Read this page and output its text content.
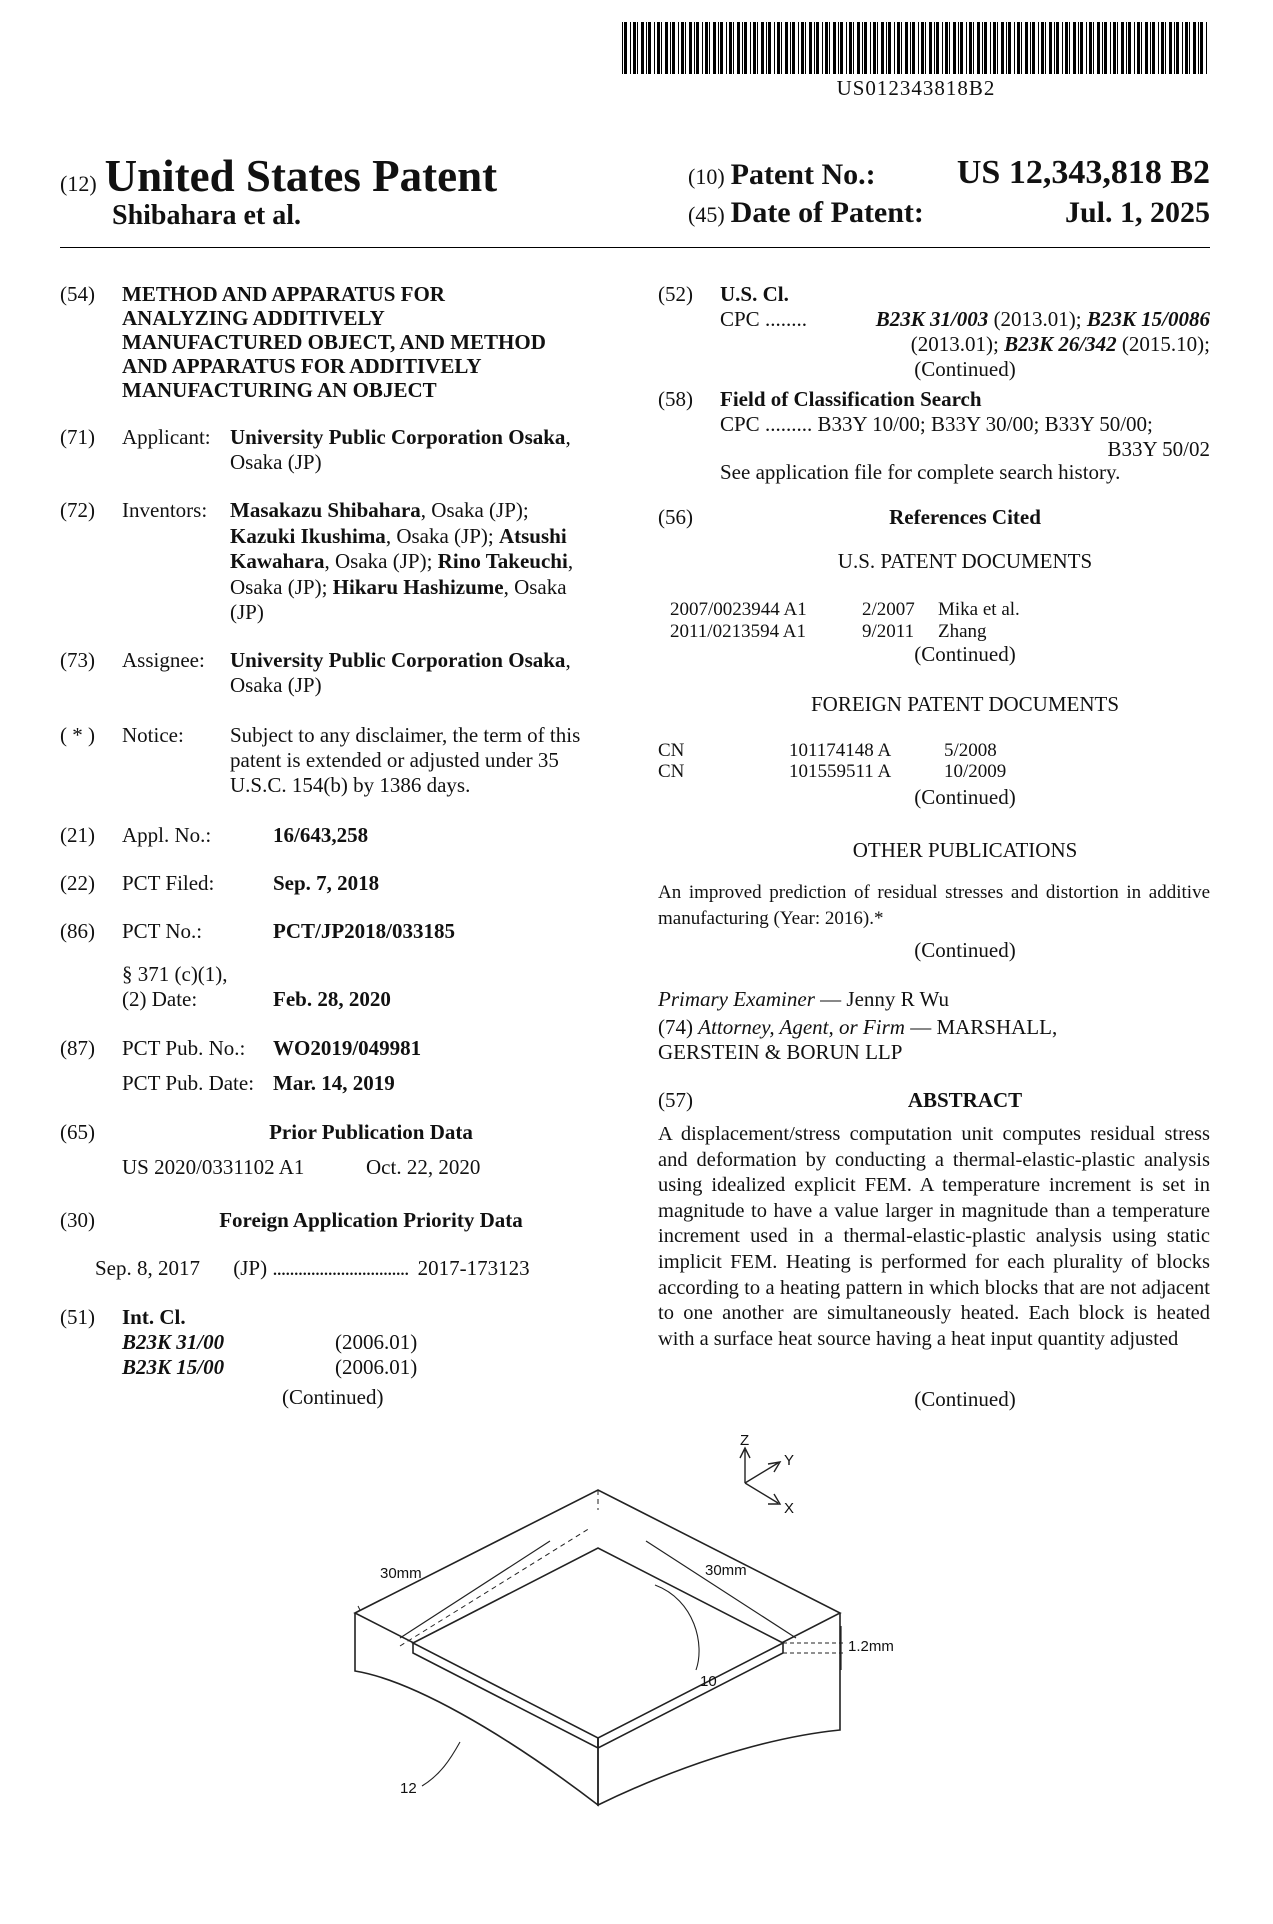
US012343818B2
(12) United States Patent
Shibahara et al.
(10) Patent No.: US 12,343,818 B2
(45) Date of Patent:	Jul. 1, 2025
(54) METHOD AND APPARATUS FOR
ANALYZING ADDITIVELY
MANUFACTURED OBJECT, AND METHOD
AND APPARATUS FOR ADDITIVELY
MANUFACTURING AN OBJECT
(71) Applicant: University Public Corporation Osaka,
Osaka (JP)
(72) Inventors: Masakazu Shibahara, Osaka (JP);
Kazuki Ikushima, Osaka (JP); Atsushi
Kawahara, Osaka (JP); Rino Takeuchi,
Osaka (JP); Hikaru Hashizume, Osaka
(JP)
(73) Assignee: University Public Corporation Osaka,
Osaka (JP)
( * ) Notice: Subject to any disclaimer, the term of this
patent is extended or adjusted under 35
U.S.C. 154(b) by 1386 days.
(21) Appl. No.:	16/643,258
(22) PCT Filed:	Sep. 7, 2018
(86) PCT No.:	PCT/JP2018/033185
§ 371 (c)(1),
(2) Date:	Feb. 28, 2020
(87) PCT Pub. No.: WO2019/049981
PCT Pub. Date: Mar. 14, 2019
(65)	Prior Publication Data
US 2020/0331102 A1	Oct. 22, 2020
(30)	Foreign Application Priority Data
Sep. 8, 2017 (JP) ................................ 2017-173123
(51) Int. Cl.
B23K 31/00	(2006.01)
B23K 15/00	(2006.01)
(Continued)
(52) U.S. Cl.
CPC ........	B23K 31/003 (2013.01); B23K 15/0086
(2013.01); B23K 26/342 (2015.10);
(Continued)
(58) Field of Classification Search
CPC ......... B33Y 10/00; B33Y 30/00; B33Y 50/00;
B33Y 50/02
See application file for complete search history.
(56)	References Cited
U.S. PATENT DOCUMENTS
2007/0023944 A1	2/2007 Mika et al.
2011/0213594 A1	9/2011 Zhang
(Continued)
FOREIGN PATENT DOCUMENTS
CN	101174148 A	5/2008
CN	101559511 A	10/2009
(Continued)
OTHER PUBLICATIONS
An improved prediction of residual stresses and distortion in additive manufacturing (Year: 2016).*
(Continued)
Primary Examiner — Jenny R Wu
(74) Attorney, Agent, or Firm — MARSHALL,
GERSTEIN & BORUN LLP
(57)	ABSTRACT
A displacement/stress computation unit computes residual stress and deformation by conducting a thermal-elastic-plastic analysis using idealized explicit FEM. A temperature increment is set in magnitude to have a value larger in magnitude than a temperature increment used in a thermal-elastic-plastic analysis using static implicit FEM. Heating is performed for each plurality of blocks according to a heating pattern in which blocks that are not adjacent to one another are simultaneously heated. Each block is heated with a surface heat source having a heat input quantity adjusted
(Continued)
Z
Y
X
30mm	30mm
1.2mm
10
12
